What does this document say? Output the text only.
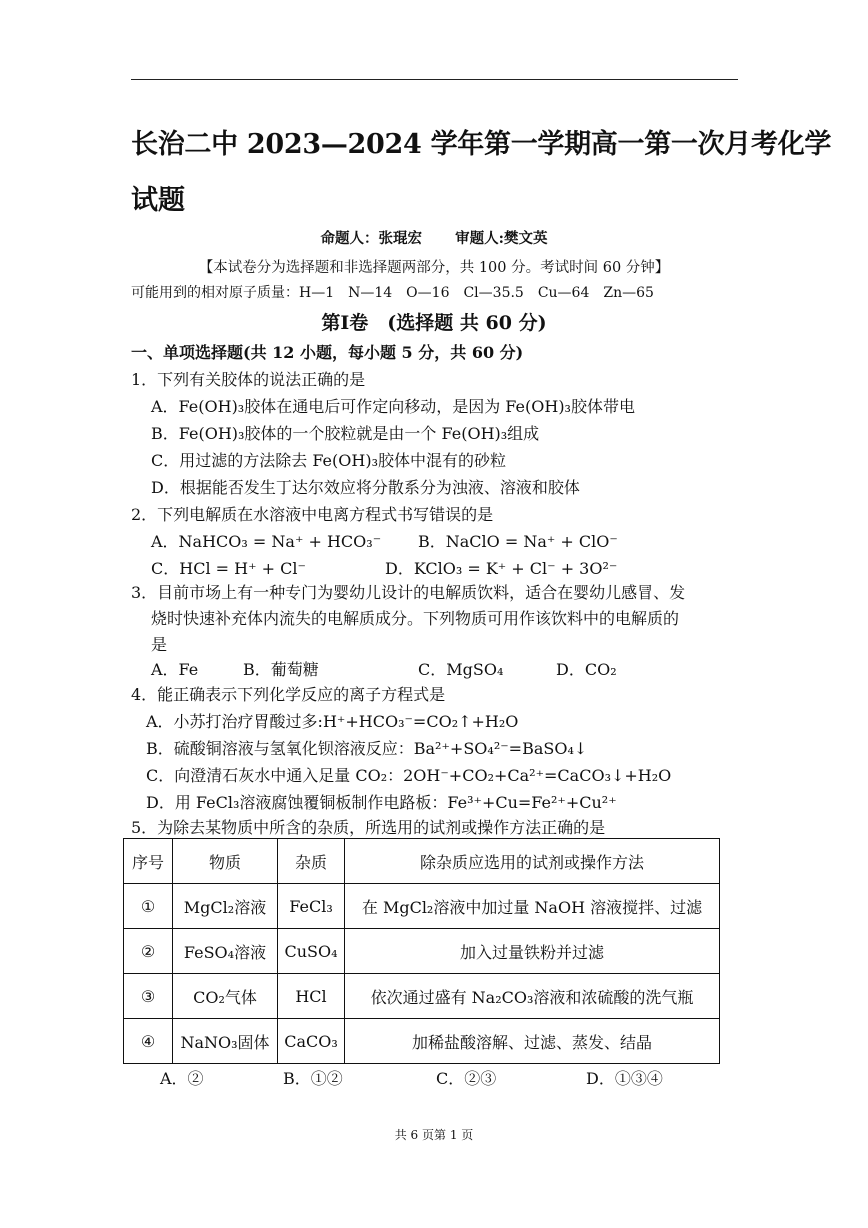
长治二中 2023—2024 学年第一学期高一第一次月考化学
试题
命题人：张琨宏 审题人:樊文英
【本试卷分为选择题和非选择题两部分，共 100 分。考试时间 60 分钟】
可能用到的相对原子质量：H—1　N—14　O—16　Cl—35.5　Cu—64　Zn—65
第Ⅰ卷　(选择题 共 60 分)
一、单项选择题(共 12 小题，每小题 5 分，共 60 分)
1．下列有关胶体的说法正确的是
A．Fe(OH)₃胶体在通电后可作定向移动，是因为 Fe(OH)₃胶体带电
B．Fe(OH)₃胶体的一个胶粒就是由一个 Fe(OH)₃组成
C．用过滤的方法除去 Fe(OH)₃胶体中混有的砂粒
D．根据能否发生丁达尔效应将分散系分为浊液、溶液和胶体
2．下列电解质在水溶液中电离方程式书写错误的是
A．NaHCO₃ = Na⁺ + HCO₃⁻ B．NaClO = Na⁺ + ClO⁻
C．HCl = H⁺ + Cl⁻	D．KClO₃ = K⁺ + Cl⁻ + 3O²⁻
3．目前市场上有一种专门为婴幼儿设计的电解质饮料，适合在婴幼儿感冒、发
烧时快速补充体内流失的电解质成分。下列物质可用作该饮料中的电解质的
是
A．Fe	B．葡萄糖	C．MgSO₄	D．CO₂
4．能正确表示下列化学反应的离子方程式是
A．小苏打治疗胃酸过多:H⁺+HCO₃⁻=CO₂↑+H₂O
B．硫酸铜溶液与氢氧化钡溶液反应：Ba²⁺+SO₄²⁻=BaSO₄↓
C．向澄清石灰水中通入足量 CO₂：2OH⁻+CO₂+Ca²⁺=CaCO₃↓+H₂O
D．用 FeCl₃溶液腐蚀覆铜板制作电路板：Fe³⁺+Cu=Fe²⁺+Cu²⁺
5．为除去某物质中所含的杂质，所选用的试剂或操作方法正确的是
序号	物质	杂质	除杂质应选用的试剂或操作方法
①	MgCl₂溶液	FeCl₃	在 MgCl₂溶液中加过量 NaOH 溶液搅拌、过滤
②	FeSO₄溶液	CuSO₄	加入过量铁粉并过滤
③	CO₂气体	HCl	依次通过盛有 Na₂CO₃溶液和浓硫酸的洗气瓶
④	NaNO₃固体	CaCO₃	加稀盐酸溶解、过滤、蒸发、结晶
A．②	B．①②	C．②③	D．①③④
共 6 页第 1 页
